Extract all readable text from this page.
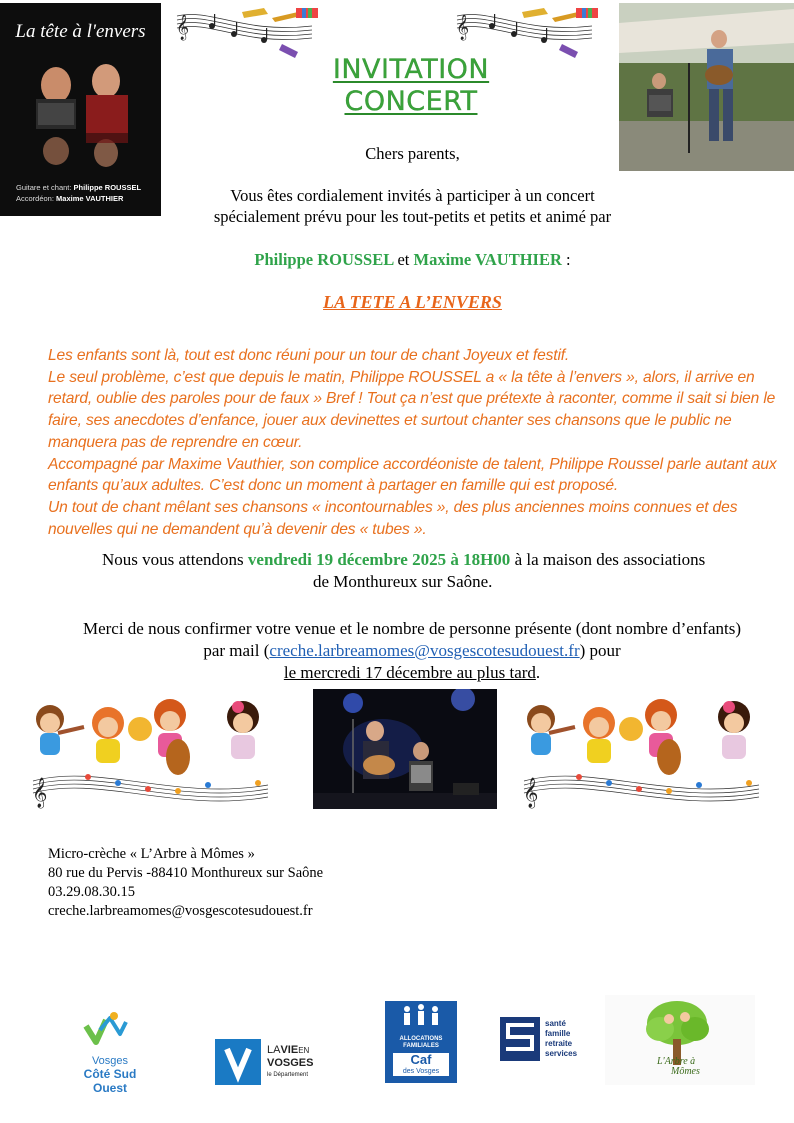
La tête à l'envers
Guitare et chant: Philippe ROUSSEL
Accordéon: Maxime VAUTHIER
𝄞	𝄞
INVITATION
CONCERT
Chers parents,
Vous êtes cordialement invités à participer à un concert
spécialement prévu pour les tout-petits et petits et animé par
Philippe ROUSSEL et Maxime VAUTHIER :
LA TETE A L’ENVERS

Les enfants sont là, tout est donc réuni pour un tour de chant Joyeux et festif.

Le seul problème, c’est que depuis le matin, Philippe ROUSSEL a « la tête à l’envers », alors, il arrive en retard, oublie des paroles pour de faux » Bref ! Tout ça n’est que prétexte à raconter, comme il sait si bien le faire, ses anecdotes d’enfance, jouer aux devinettes et surtout chanter ses chansons que le public ne manquera pas de reprendre en cœur.

Accompagné par Maxime Vauthier, son complice accordéoniste de talent, Philippe Roussel parle autant aux enfants qu’aux adultes. C’est donc un moment à partager en famille qui est proposé.

Un tout de chant mêlant ses chansons « incontournables », des plus anciennes moins connues et des nouvelles qui ne demandent qu’à devenir des « tubes ».

Nous vous attendons vendredi 19 décembre 2025 à 18H00 à la maison des associations
de Monthureux sur Saône.
Merci de nous confirmer votre venue et le nombre de personne présente (dont nombre d’enfants)
par mail (creche.larbreamomes@vosgescotesudouest.fr) pour
le mercredi 17 décembre au plus tard.
𝄞	𝄞
Micro-crèche « L’Arbre à Mômes »
80 rue du Pervis -88410 Monthureux sur Saône
03.29.08.30.15
creche.larbreamomes@vosgescotesudouest.fr
Vosges
Côté Sud Ouest
LAVIEEN
VOSGES
le Département
ALLOCATIONS
FAMILIALES
Caf
des Vosges
santé
famille
retraite
services
L'Arbre à
Mômes
